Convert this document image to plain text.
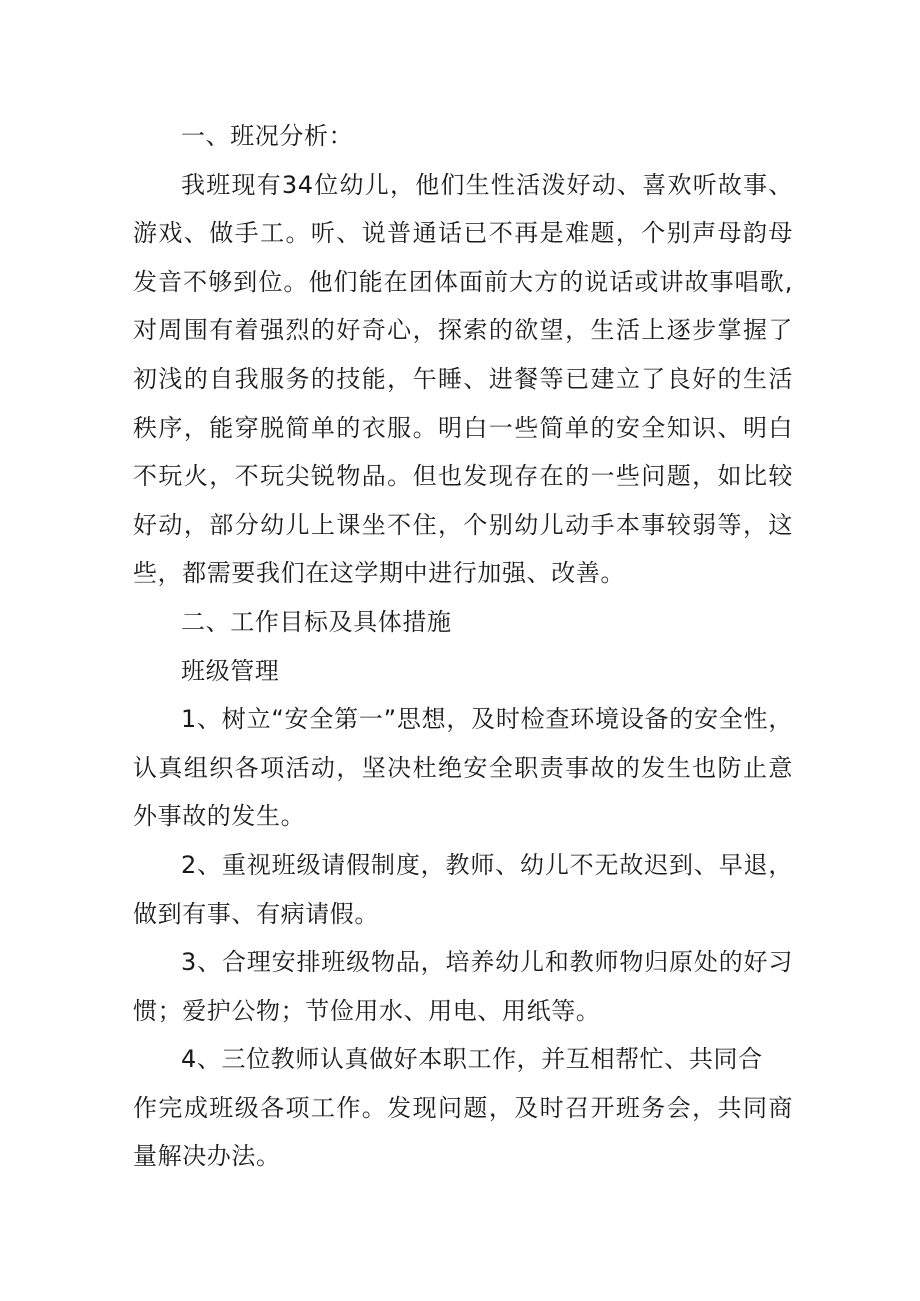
一、班况分析：

我班现有34位幼儿，他们生性活泼好动、喜欢听故事、游戏、做手工。听、说普通话已不再是难题，个别声母韵母发音不够到位。他们能在团体面前大方的说话或讲故事唱歌,对周围有着强烈的好奇心，探索的欲望，生活上逐步掌握了初浅的自我服务的技能，午睡、进餐等已建立了良好的生活秩序，能穿脱简单的衣服。明白一些简单的安全知识、明白不玩火，不玩尖锐物品。但也发现存在的一些问题，如比较好动，部分幼儿上课坐不住，个别幼儿动手本事较弱等，这些，都需要我们在这学期中进行加强、改善。

二、工作目标及具体措施

班级管理

1、树立“安全第一”思想，及时检查环境设备的安全性，认真组织各项活动，坚决杜绝安全职责事故的发生也防止意外事故的发生。

2、重视班级请假制度，教师、幼儿不无故迟到、早退，做到有事、有病请假。

3、合理安排班级物品，培养幼儿和教师物归原处的好习惯；爱护公物；节俭用水、用电、用纸等。

4、三位教师认真做好本职工作，并互相帮忙、共同合

作完成班级各项工作。发现问题，及时召开班务会，共同商量解决办法。
